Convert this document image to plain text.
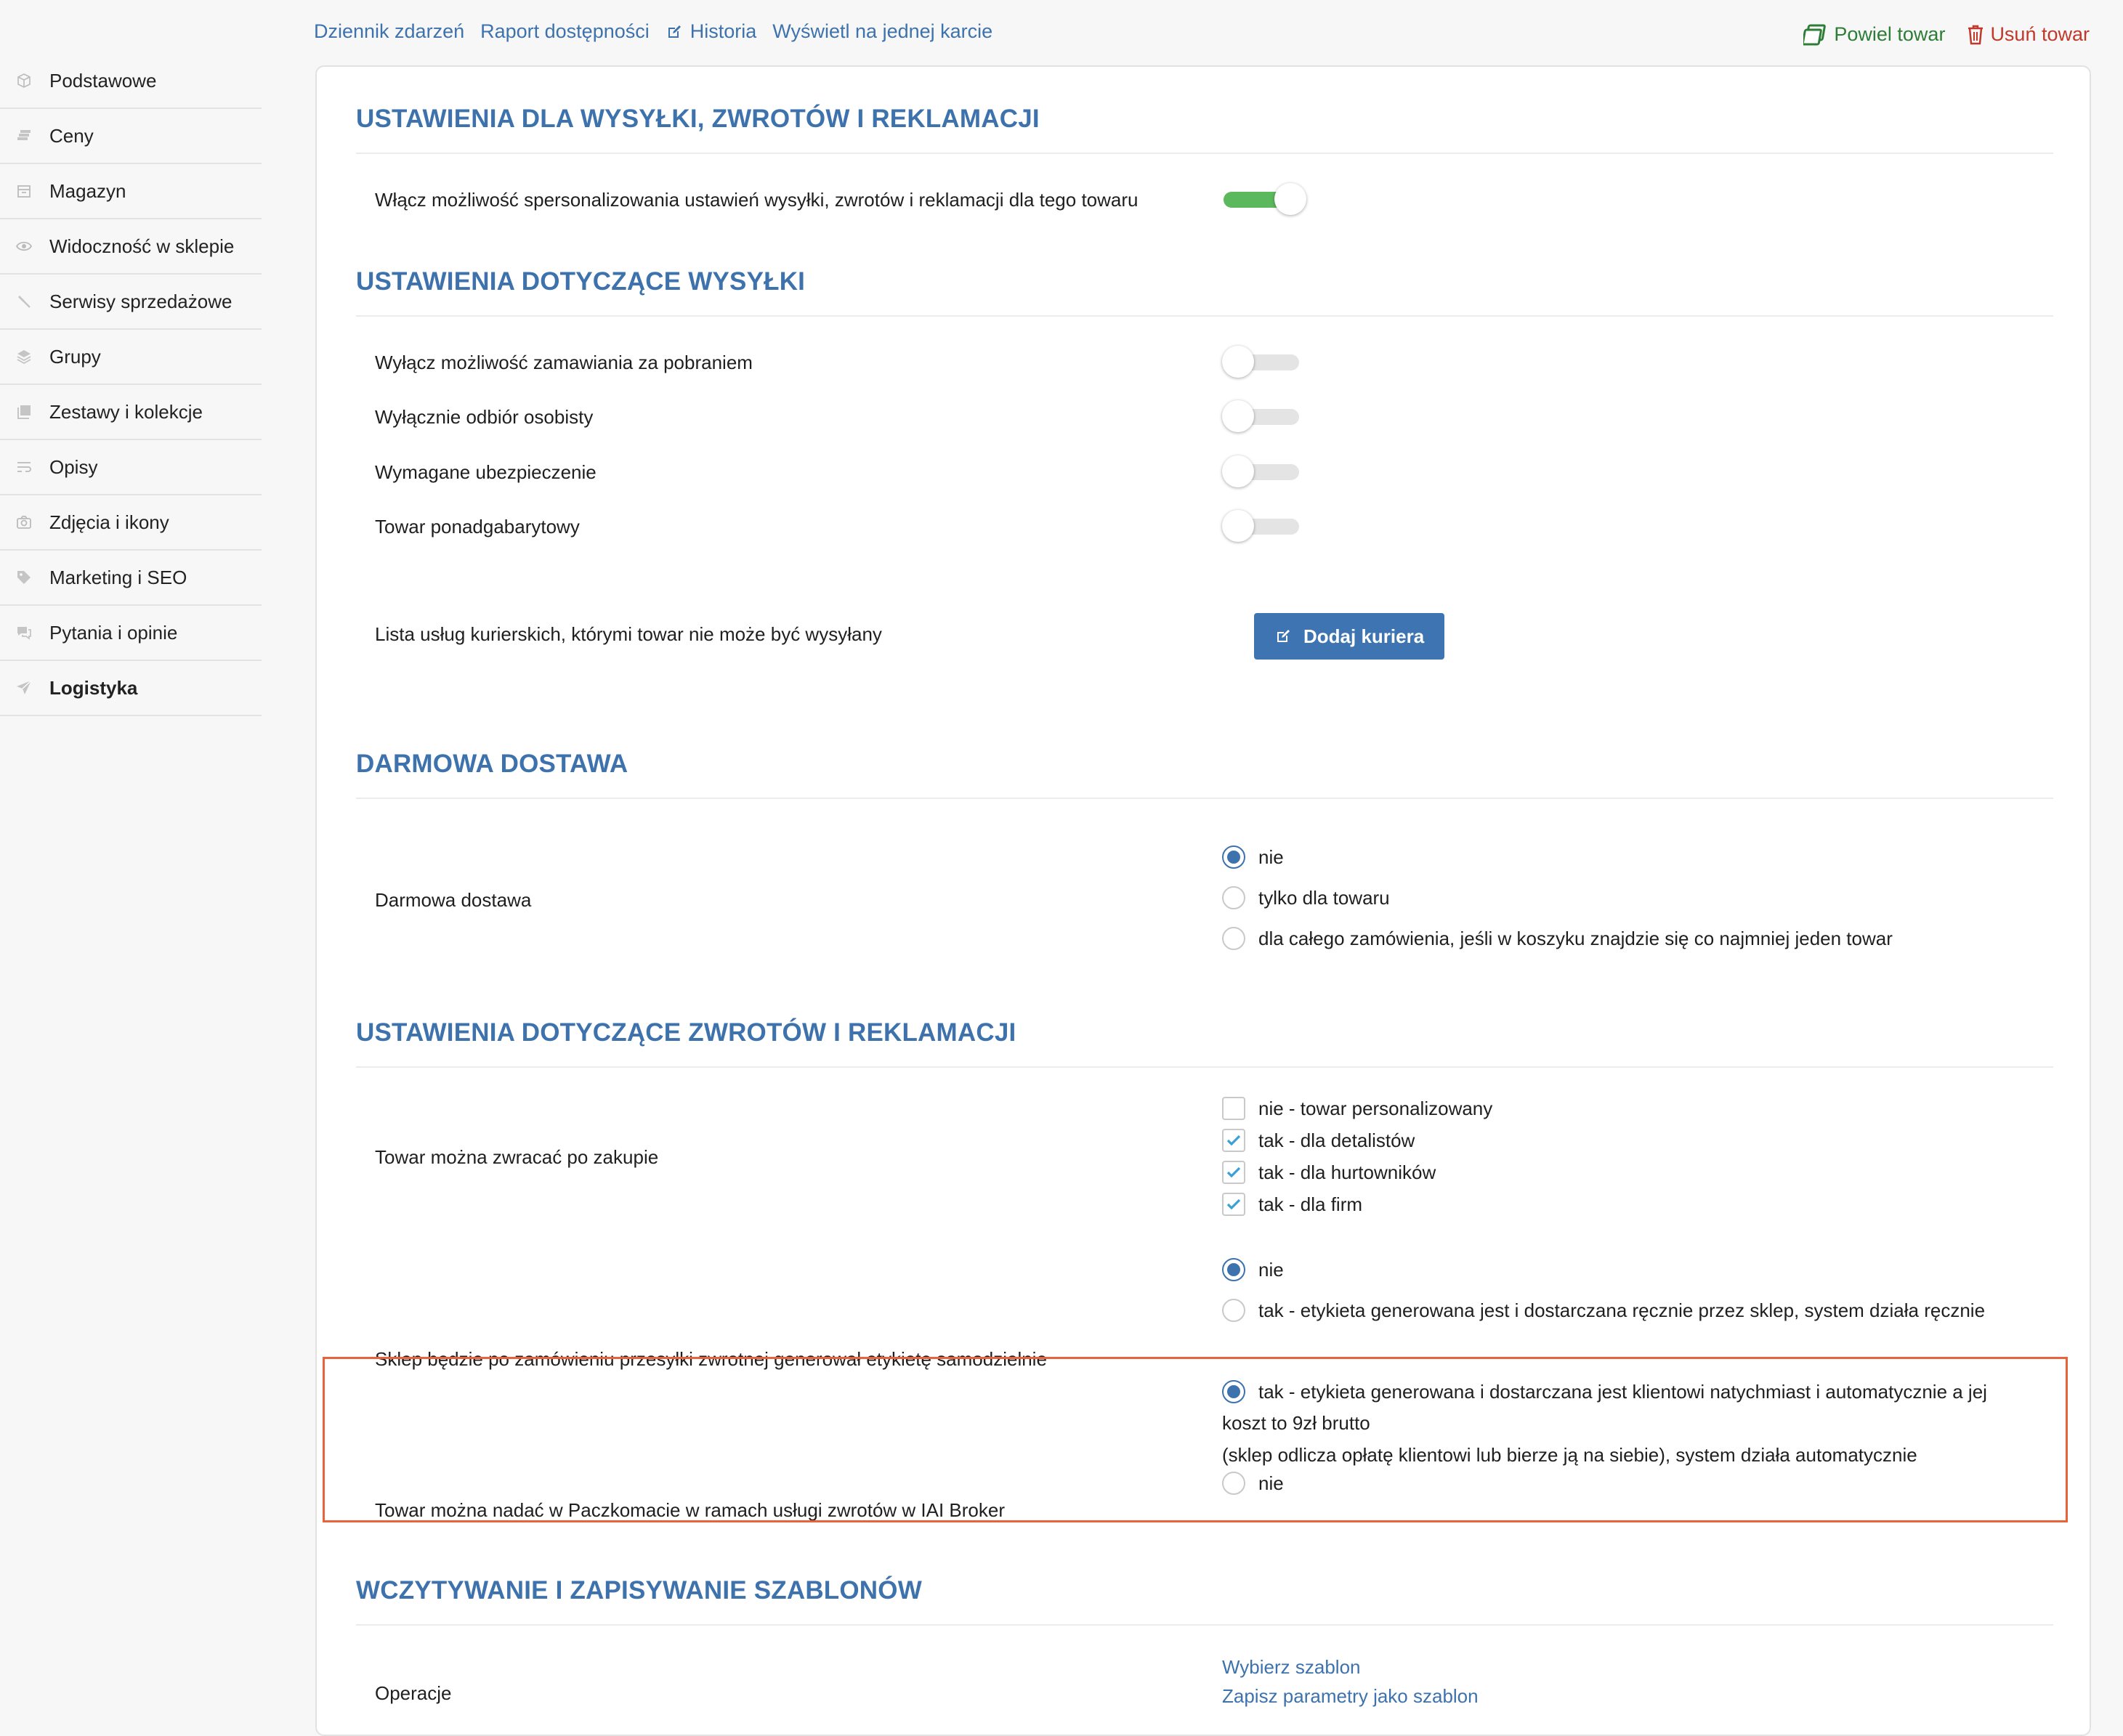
Dziennik zdarzeń Raport dostępności Historia Wyświetl na jednej karcie	Powiel towar Usuń towar
Podstawowe
Ceny
Magazyn
Widoczność w sklepie
Serwisy sprzedażowe
Grupy
Zestawy i kolekcje
Opisy
Zdjęcia i ikony
Marketing i SEO
Pytania i opinie
Logistyka
USTAWIENIA DLA WYSYŁKI, ZWROTÓW I REKLAMACJI
Włącz możliwość spersonalizowania ustawień wysyłki, zwrotów i reklamacji dla tego towaru
USTAWIENIA DOTYCZĄCE WYSYŁKI
Wyłącz możliwość zamawiania za pobraniem
Wyłącznie odbiór osobisty
Wymagane ubezpieczenie
Towar ponadgabarytowy
Lista usług kurierskich, którymi towar nie może być wysyłany	Dodaj kuriera
DARMOWA DOSTAWA
Darmowa dostawa
nie
tylko dla towaru
dla całego zamówienia, jeśli w koszyku znajdzie się co najmniej jeden towar
USTAWIENIA DOTYCZĄCE ZWROTÓW I REKLAMACJI
Towar można zwracać po zakupie
nie - towar personalizowany
tak - dla detalistów
tak - dla hurtowników
tak - dla firm
Sklep będzie po zamówieniu przesyłki zwrotnej generował etykietę samodzielnie
nie
tak - etykieta generowana jest i dostarczana ręcznie przez sklep, system działa ręcznie
Towar można nadać w Paczkomacie w ramach usługi zwrotów w IAI Broker
tak - etykieta generowana i dostarczana jest klientowi natychmiast i automatycznie a jej
koszt to 9zł brutto
(sklep odlicza opłatę klientowi lub bierze ją na siebie), system działa automatycznie
nie
WCZYTYWANIE I ZAPISYWANIE SZABLONÓW
Operacje
Wybierz szablon
Zapisz parametry jako szablon
